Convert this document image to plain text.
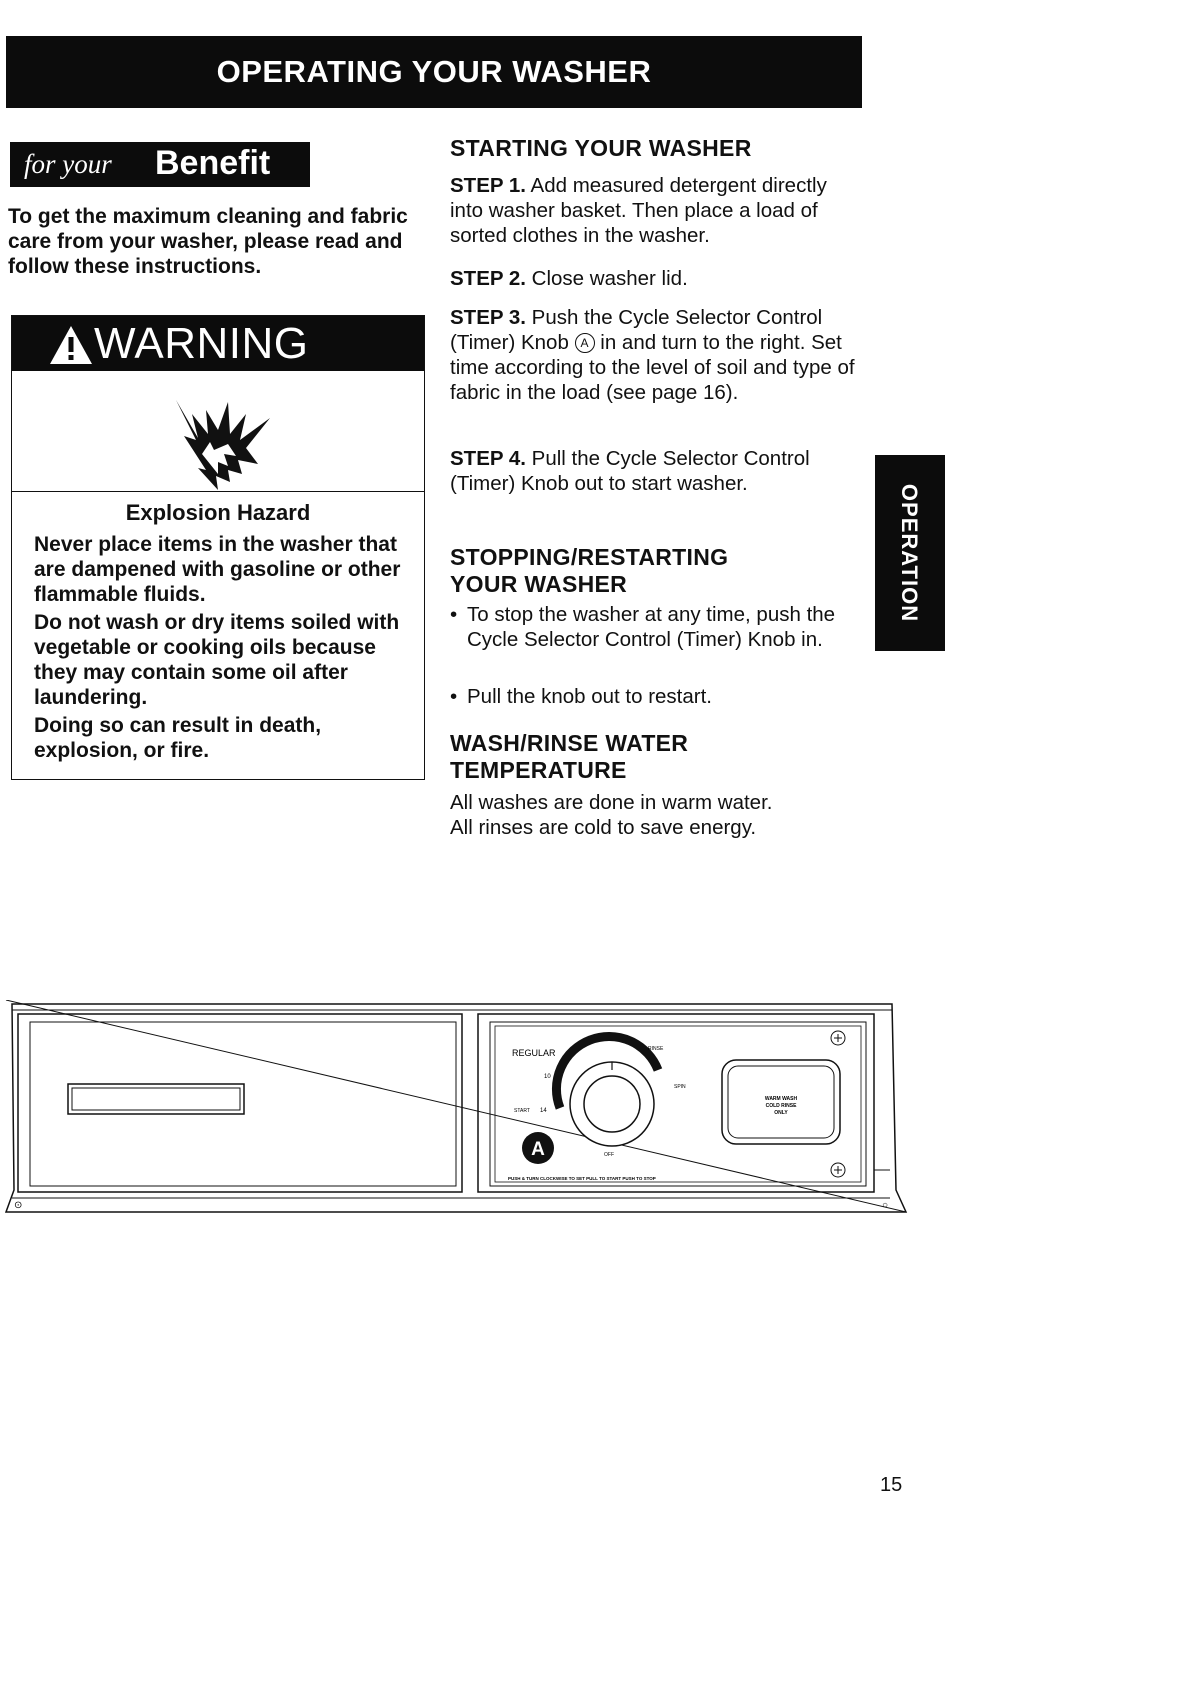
OPERATING YOUR WASHER
for your Benefit
To get the maximum cleaning and fabric care from your washer, please read and follow these instructions.
WARNING
Explosion Hazard
Never place items in the washer that are dampened with gasoline or other flammable fluids.
Do not wash or dry items soiled with vegetable or cooking oils because they may contain some oil after laundering.
Doing so can result in death, explosion, or fire.
STARTING YOUR WASHER
STEP 1. Add measured detergent directly into washer basket. Then place a load of sorted clothes in the washer.
STEP 2. Close washer lid.
STEP 3. Push the Cycle Selector Control (Timer) Knob A in and turn to the right. Set time according to the level of soil and type of fabric in the load (see page 16).
STEP 4. Pull the Cycle Selector Control (Timer) Knob out to start washer.
STOPPING/RESTARTING
YOUR WASHER
• To stop the washer at any time, push the Cycle Selector Control (Timer) Knob in.
• Pull the knob out to restart.
WASH/RINSE WATER
TEMPERATURE
All washes are done in warm water.
All rinses are cold to save energy.
OPERATION
⊙	○
REGULAR	RINSE
SPIN
10
START 14
OFF
A
WARM WASH
COLD RINSE
ONLY
PUSH & TURN CLOCKWISE TO SET PULL TO START PUSH TO STOP
15
